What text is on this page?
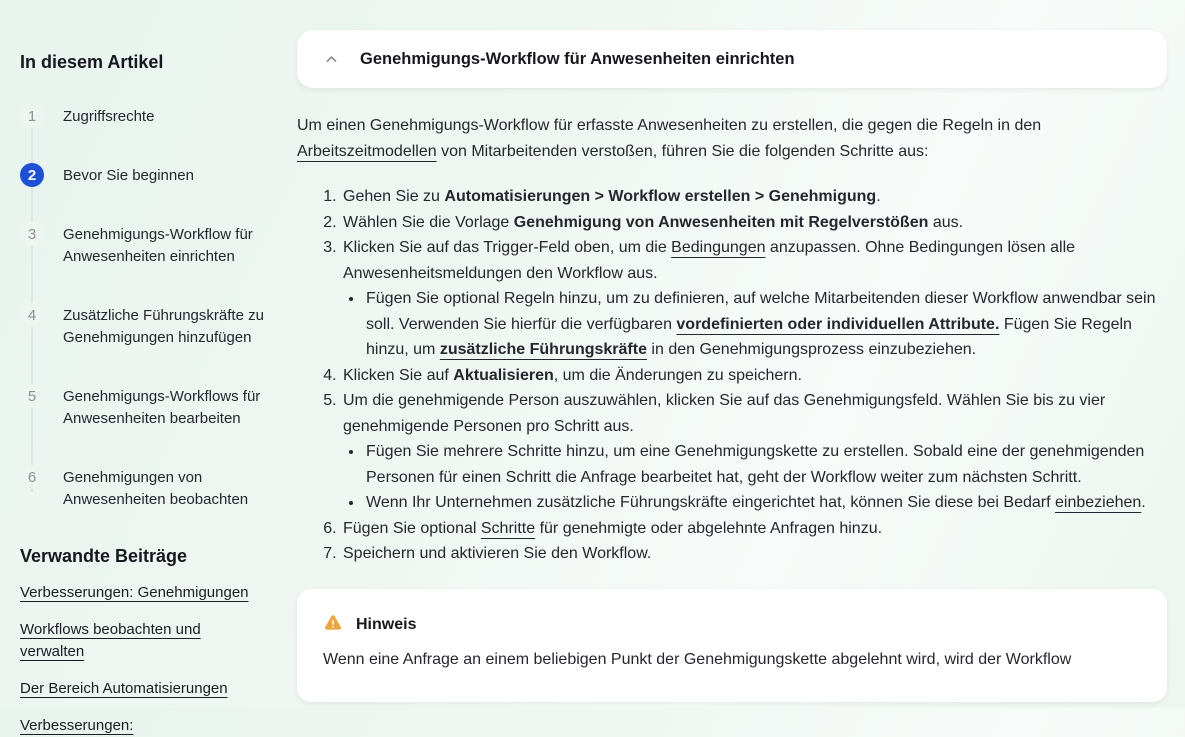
In diesem Artikel
1	Zugriffsrechte
2	Bevor Sie beginnen
3	Genehmigungs-Workflow für Anwesenheiten einrichten
4	Zusätzliche Führungskräfte zu Genehmigungen hinzufügen
5	Genehmigungs-Workflows für Anwesenheiten bearbeiten
6	Genehmigungen von Anwesenheiten beobachten
Verwandte Beiträge
Verbesserungen: Genehmigungen
Workflows beobachten und verwalten
Der Bereich Automatisierungen
Verbesserungen:
Genehmigungs-Workflow für Anwesenheiten einrichten

Um einen Genehmigungs-Workflow für erfasste Anwesenheiten zu erstellen, die gegen die Regeln in den Arbeitszeitmodellen von Mitarbeitenden verstoßen, führen Sie die folgenden Schritte aus:

1. Gehen Sie zu Automatisierungen > Workflow erstellen > Genehmigung.
2. Wählen Sie die Vorlage Genehmigung von Anwesenheiten mit Regelverstößen aus.
3. Klicken Sie auf das Trigger-Feld oben, um die Bedingungen anzupassen. Ohne Bedingungen lösen alle Anwesenheitsmeldungen den Workflow aus.
• Fügen Sie optional Regeln hinzu, um zu definieren, auf welche Mitarbeitenden dieser Workflow anwendbar sein soll. Verwenden Sie hierfür die verfügbaren vordefinierten oder individuellen Attribute. Fügen Sie Regeln hinzu, um zusätzliche Führungskräfte in den Genehmigungsprozess einzubeziehen.
4. Klicken Sie auf Aktualisieren, um die Änderungen zu speichern.
5. Um die genehmigende Person auszuwählen, klicken Sie auf das Genehmigungsfeld. Wählen Sie bis zu vier genehmigende Personen pro Schritt aus.
• Fügen Sie mehrere Schritte hinzu, um eine Genehmigungskette zu erstellen. Sobald eine der genehmigenden Personen für einen Schritt die Anfrage bearbeitet hat, geht der Workflow weiter zum nächsten Schritt.
• Wenn Ihr Unternehmen zusätzliche Führungskräfte eingerichtet hat, können Sie diese bei Bedarf einbeziehen.
6. Fügen Sie optional Schritte für genehmigte oder abgelehnte Anfragen hinzu.
7. Speichern und aktivieren Sie den Workflow.
Hinweis

Wenn eine Anfrage an einem beliebigen Punkt der Genehmigungskette abgelehnt wird, wird der Workflow
